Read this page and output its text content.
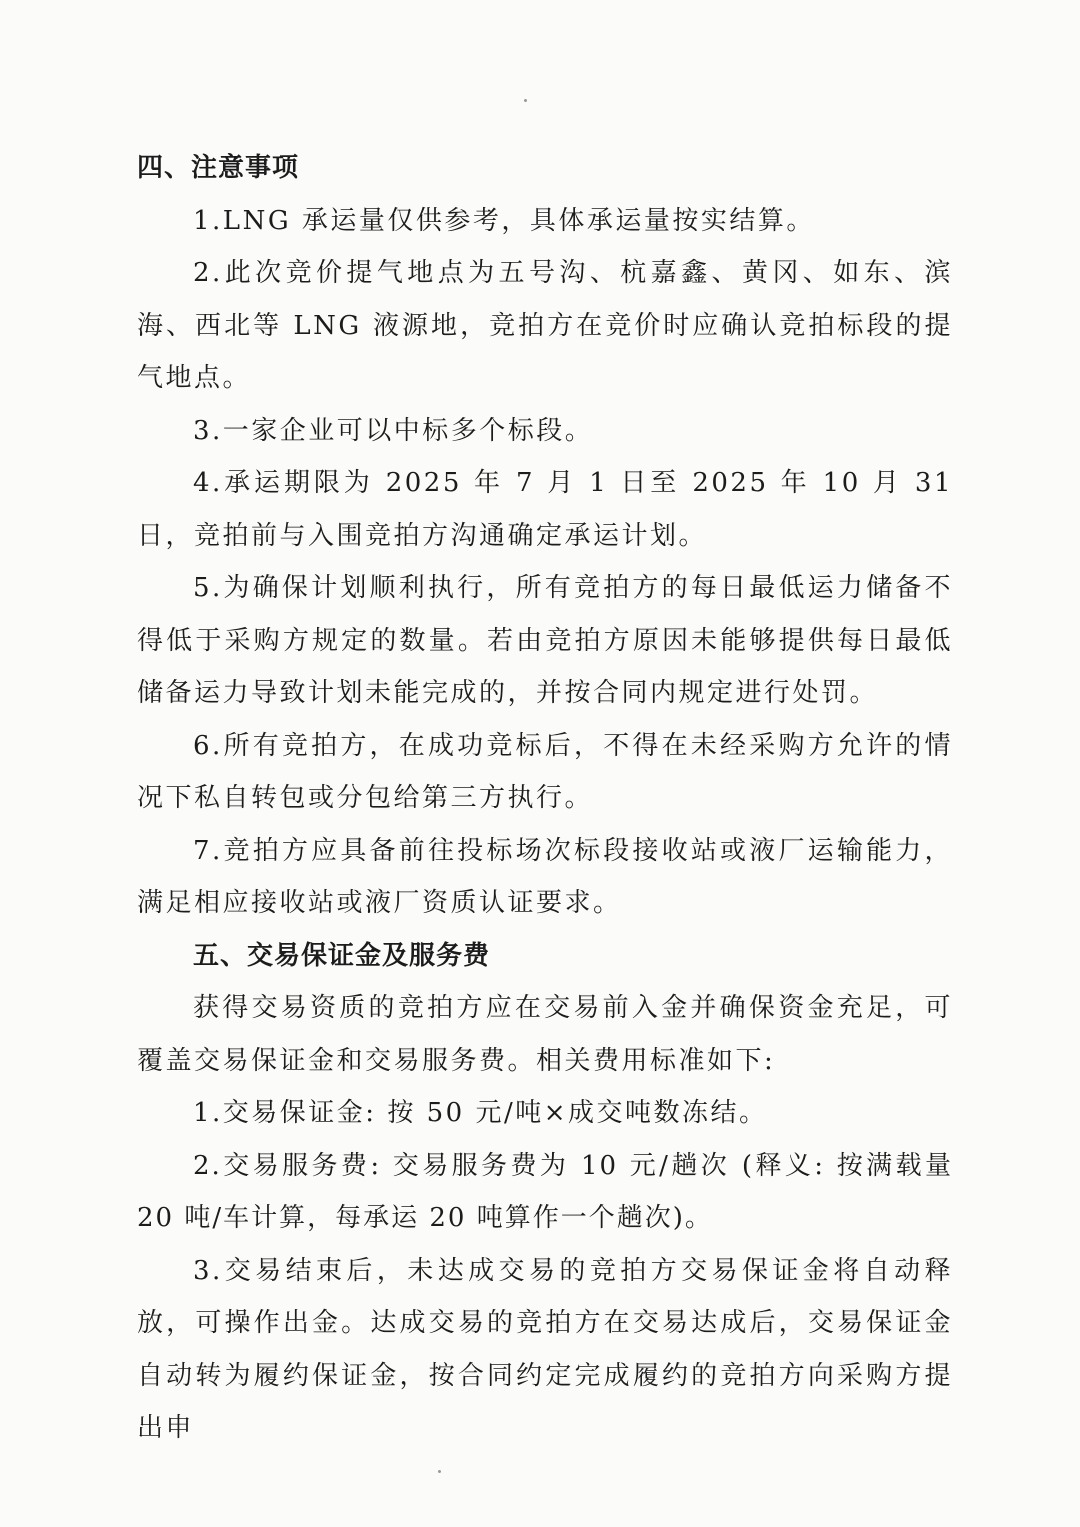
四、注意事项

1.LNG 承运量仅供参考，具体承运量按实结算。

2.此次竞价提气地点为五号沟、杭嘉鑫、黄冈、如东、滨海、西北等 LNG 液源地，竞拍方在竞价时应确认竞拍标段的提气地点。

3.一家企业可以中标多个标段。

4.承运期限为 2025 年 7 月 1 日至 2025 年 10 月 31 日，竞拍前与入围竞拍方沟通确定承运计划。

5.为确保计划顺利执行，所有竞拍方的每日最低运力储备不得低于采购方规定的数量。若由竞拍方原因未能够提供每日最低储备运力导致计划未能完成的，并按合同内规定进行处罚。

6.所有竞拍方，在成功竞标后，不得在未经采购方允许的情况下私自转包或分包给第三方执行。

7.竞拍方应具备前往投标场次标段接收站或液厂运输能力，满足相应接收站或液厂资质认证要求。

五、交易保证金及服务费

获得交易资质的竞拍方应在交易前入金并确保资金充足，可覆盖交易保证金和交易服务费。相关费用标准如下:

1.交易保证金: 按 50 元/吨×成交吨数冻结。

2.交易服务费: 交易服务费为 10 元/趟次 (释义: 按满载量 20 吨/车计算，每承运 20 吨算作一个趟次)。

3.交易结束后，未达成交易的竞拍方交易保证金将自动释放，可操作出金。达成交易的竞拍方在交易达成后，交易保证金自动转为履约保证金，按合同约定完成履约的竞拍方向采购方提出申
